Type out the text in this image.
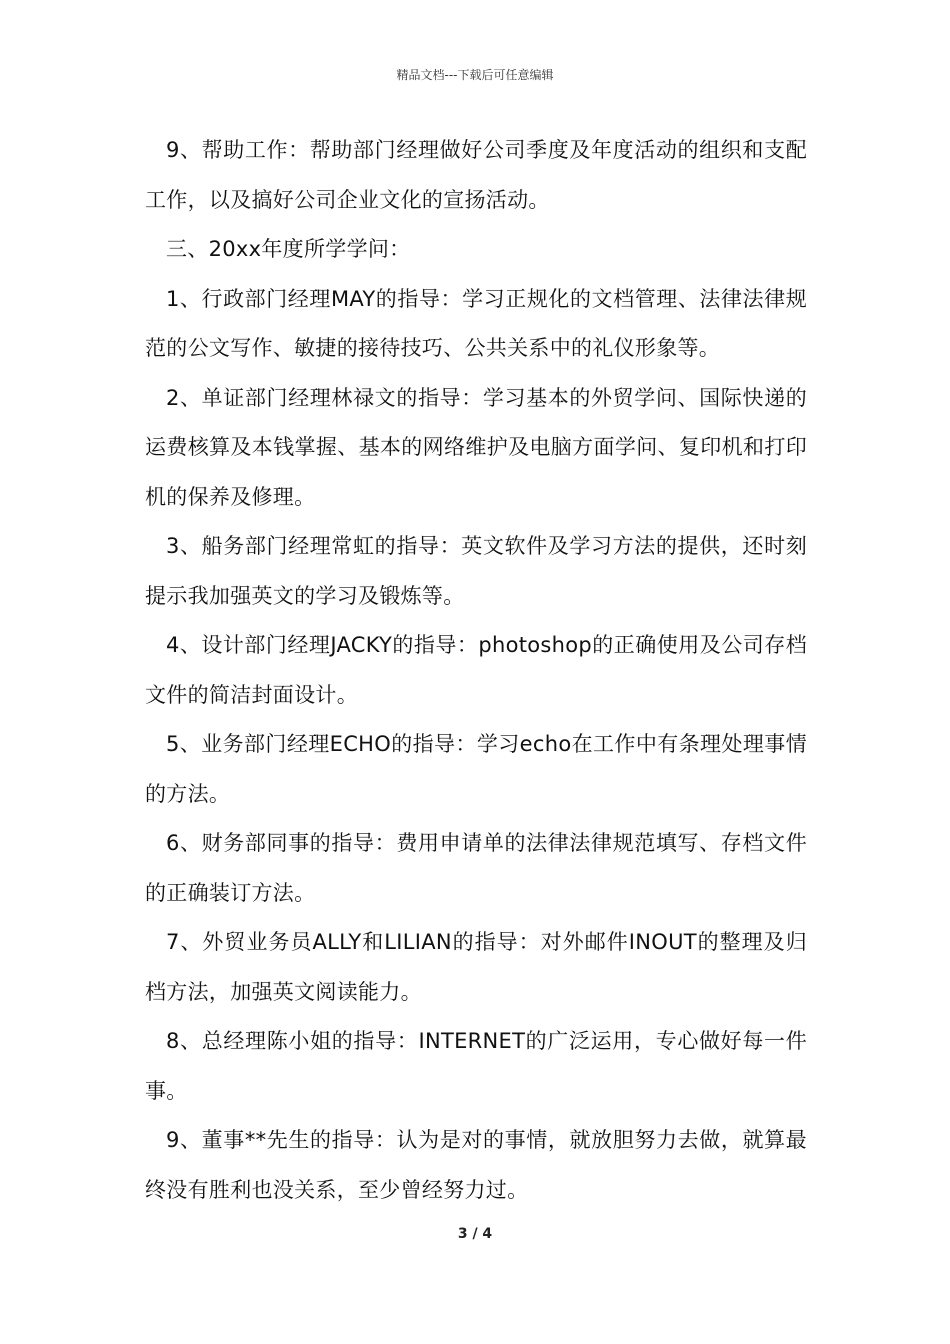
精品文档---下载后可任意编辑

9、帮助工作：帮助部门经理做好公司季度及年度活动的组织和支配工作，以及搞好公司企业文化的宣扬活动。

三、20xx年度所学学问：

1、行政部门经理MAY的指导：学习正规化的文档管理、法律法律规范的公文写作、敏捷的接待技巧、公共关系中的礼仪形象等。

2、单证部门经理林禄文的指导：学习基本的外贸学问、国际快递的运费核算及本钱掌握、基本的网络维护及电脑方面学问、复印机和打印机的保养及修理。

3、船务部门经理常虹的指导：英文软件及学习方法的提供，还时刻提示我加强英文的学习及锻炼等。

4、设计部门经理JACKY的指导：photoshop的正确使用及公司存档文件的简洁封面设计。

5、业务部门经理ECHO的指导：学习echo在工作中有条理处理事情的方法。

6、财务部同事的指导：费用申请单的法律法律规范填写、存档文件的正确装订方法。

7、外贸业务员ALLY和LILIAN的指导：对外邮件INOUT的整理及归档方法，加强英文阅读能力。

8、总经理陈小姐的指导：INTERNET的广泛运用，专心做好每一件事。

9、董事**先生的指导：认为是对的事情，就放胆努力去做，就算最终没有胜利也没关系，至少曾经努力过。

3 / 4
